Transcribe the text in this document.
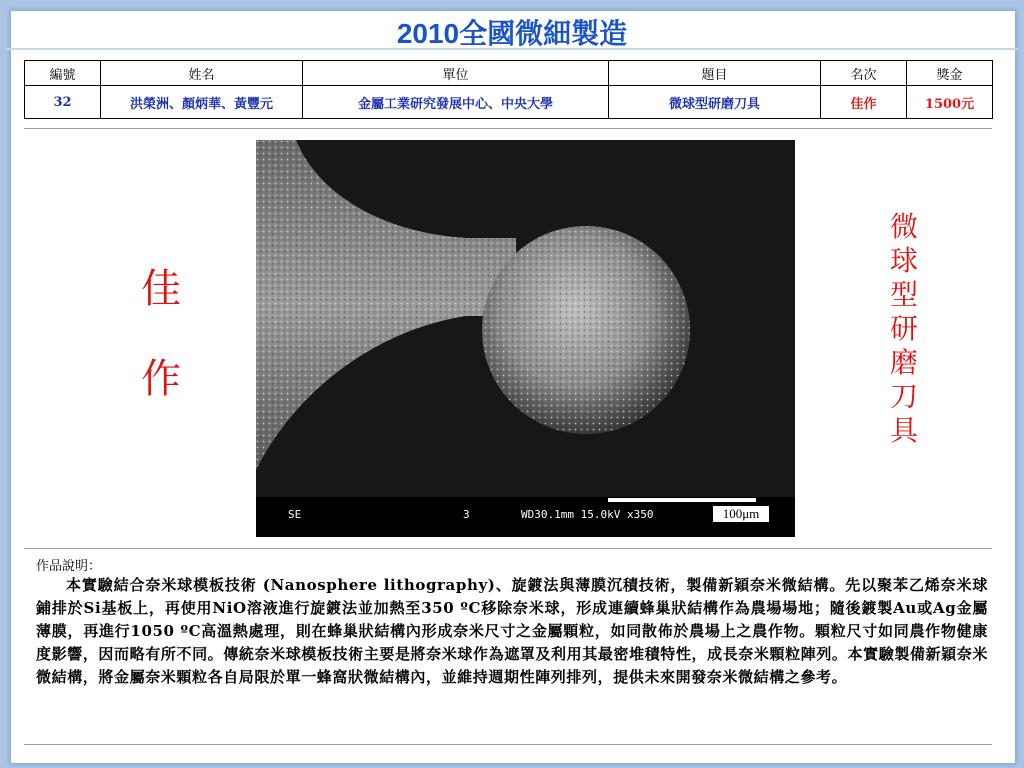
2010全國微細製造
編號	姓名	單位	題目	名次	獎金
32	洪榮洲、顏炳華、黃豐元	金屬工業研究發展中心、中央大學	微球型研磨刀具	佳作	1500元
佳
作
SE	3	WD30.1mm 15.0kV x350	100μm
微
球
型
研
磨
刀
具
作品說明：
本實驗結合奈米球模板技術 (Nanosphere lithography)、旋鍍法與薄膜沉積技術，製備新穎奈米微結構。先以聚苯乙烯奈米球鋪排於Si基板上，再使用NiO溶液進行旋鍍法並加熱至350 ºC移除奈米球，形成連續蜂巢狀結構作為農場場地；隨後鍍製Au或Ag金屬薄膜，再進行1050 ºC高溫熱處理，則在蜂巢狀結構內形成奈米尺寸之金屬顆粒，如同散佈於農場上之農作物。顆粒尺寸如同農作物健康度影響，因而略有所不同。傳統奈米球模板技術主要是將奈米球作為遮罩及利用其最密堆積特性，成長奈米顆粒陣列。本實驗製備新穎奈米微結構，將金屬奈米顆粒各自局限於單一蜂窩狀微結構內，並維持週期性陣列排列，提供未來開發奈米微結構之參考。
